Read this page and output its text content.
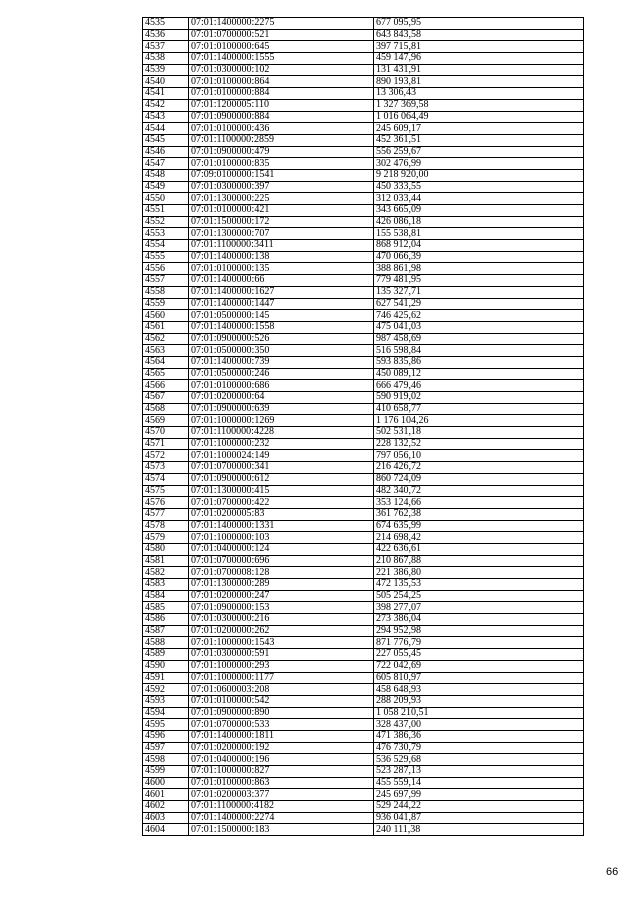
4535	07:01:1400000:2275	677 095,95
4536	07:01:0700000:521	643 843,58
4537	07:01:0100000:645	397 715,81
4538	07:01:1400000:1555	459 147,96
4539	07:01:0300000:102	131 431,91
4540	07:01:0100000:864	890 193,81
4541	07:01:0100000:884	13 306,43
4542	07:01:1200005:110	1 327 369,58
4543	07:01:0900000:884	1 016 064,49
4544	07:01:0100000:436	245 609,17
4545	07:01:1100000:2859	452 361,51
4546	07:01:0900000:479	556 259,67
4547	07:01:0100000:835	302 476,99
4548	07:09:0100000:1541	9 218 920,00
4549	07:01:0300000:397	450 333,55
4550	07:01:1300000:225	312 033,44
4551	07:01:0100000:421	343 665,09
4552	07:01:1500000:172	426 086,18
4553	07:01:1300000:707	155 538,81
4554	07:01:1100000:3411	868 912,04
4555	07:01:1400000:138	470 066,39
4556	07:01:0100000:135	388 861,98
4557	07:01:1400000:66	779 481,95
4558	07:01:1400000:1627	135 327,71
4559	07:01:1400000:1447	627 541,29
4560	07:01:0500000:145	746 425,62
4561	07:01:1400000:1558	475 041,03
4562	07:01:0900000:526	987 458,69
4563	07:01:0500000:350	516 598,84
4564	07:01:1400000:739	593 835,86
4565	07:01:0500000:246	450 089,12
4566	07:01:0100000:686	666 479,46
4567	07:01:0200000:64	590 919,02
4568	07:01:0900000:639	410 658,77
4569	07:01:1000000:1269	1 176 104,26
4570	07:01:1100000:4228	502 531,18
4571	07:01:1000000:232	228 132,52
4572	07:01:1000024:149	797 056,10
4573	07:01:0700000:341	216 426,72
4574	07:01:0900000:612	860 724,09
4575	07:01:1300000:415	482 340,72
4576	07:01:0700000:422	353 124,66
4577	07:01:0200005:83	361 762,38
4578	07:01:1400000:1331	674 635,99
4579	07:01:1000000:103	214 698,42
4580	07:01:0400000:124	422 636,61
4581	07:01:0700000:696	210 867,88
4582	07:01:0700008:128	221 386,80
4583	07:01:1300000:289	472 135,53
4584	07:01:0200000:247	505 254,25
4585	07:01:0900000:153	398 277,07
4586	07:01:0300000:216	273 386,04
4587	07:01:0200000:262	294 952,98
4588	07:01:1000000:1543	871 776,79
4589	07:01:0300000:591	227 055,45
4590	07:01:1000000:293	722 042,69
4591	07:01:1000000:1177	605 810,97
4592	07:01:0600003:208	458 648,93
4593	07:01:0100000:542	288 209,93
4594	07:01:0900000:890	1 058 210,51
4595	07:01:0700000:533	328 437,00
4596	07:01:1400000:1811	471 386,36
4597	07:01:0200000:192	476 730,79
4598	07:01:0400000:196	536 529,68
4599	07:01:1000000:827	523 287,13
4600	07:01:0100000:863	455 559,14
4601	07:01:0200003:377	245 697,99
4602	07:01:1100000:4182	529 244,22
4603	07:01:1400000:2274	936 041,87
4604	07:01:1500000:183	240 111,38
66
